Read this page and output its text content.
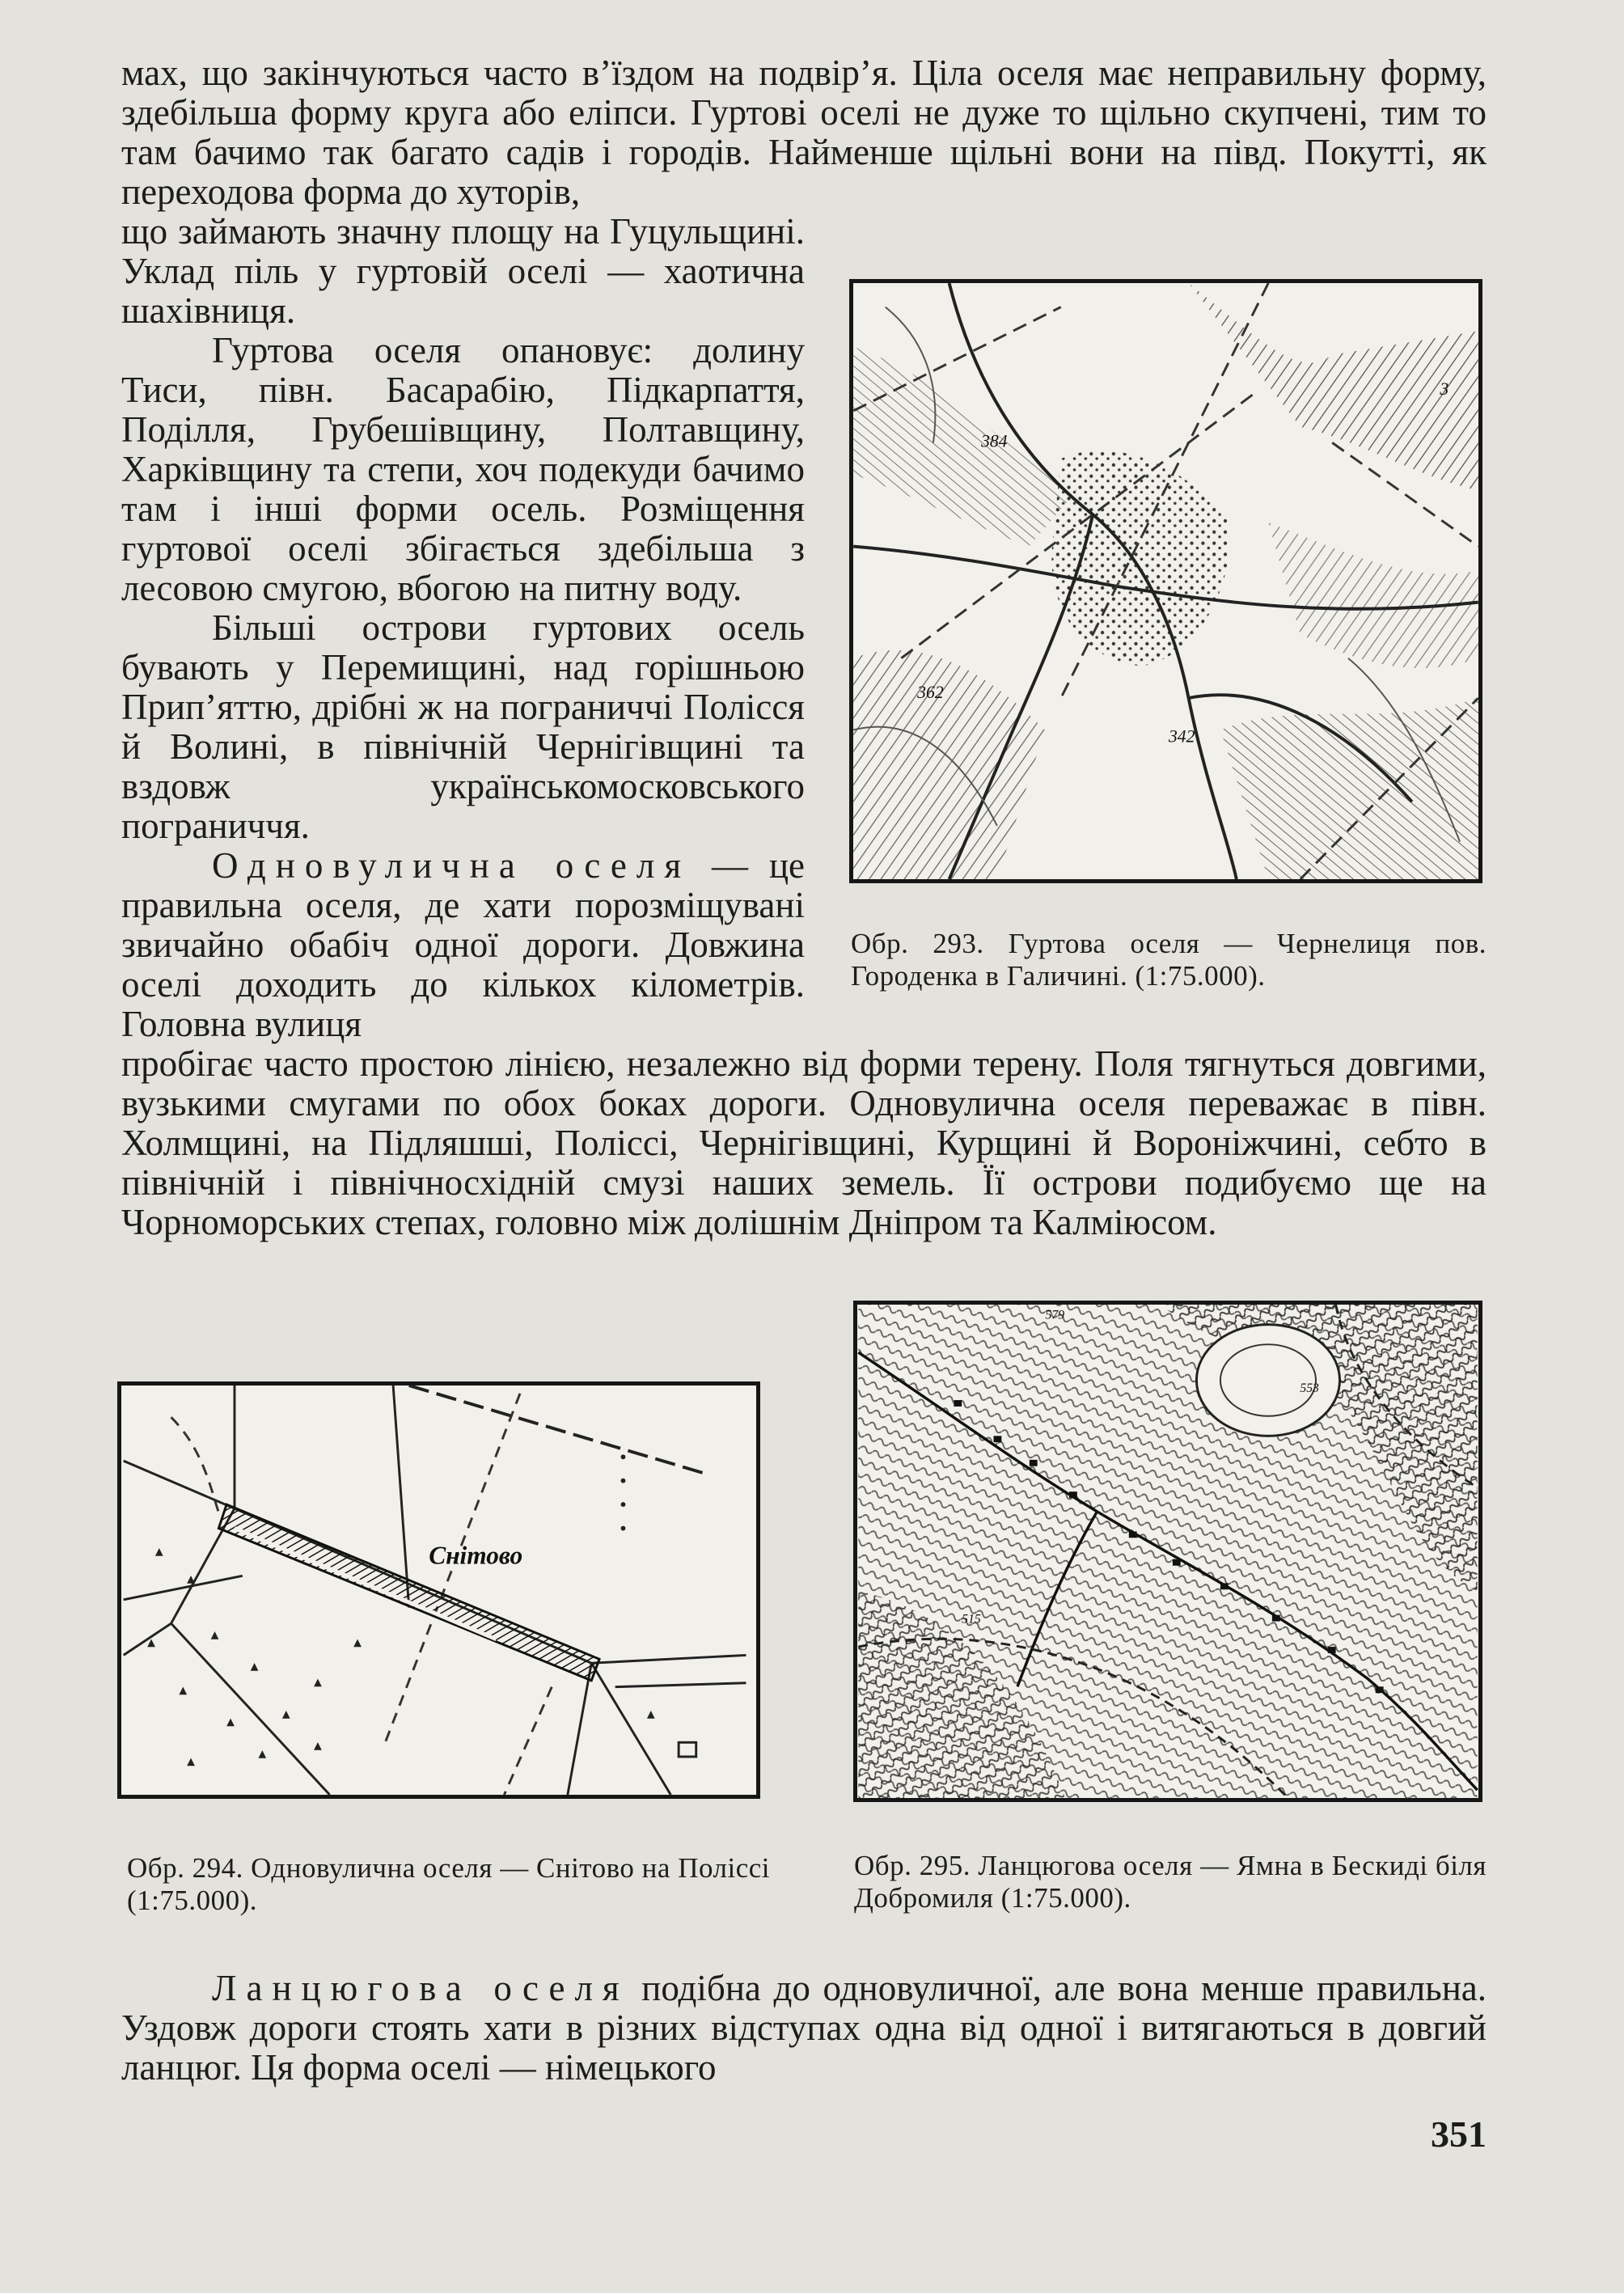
мах, що закінчуються часто в’їздом на подвір’я. Ціла оселя має неправильну форму, здебільша форму круга або еліпси. Гуртові оселі не дуже то щільно скупчені, тим то там бачимо так багато садів і городів. Найменше щільні вони на півд. Покутті, як переходова форма до хуторів,

що займають значну площу на Гуцульщині. Уклад піль у гуртовій оселі — хаотична шахівниця.

Гуртова оселя опановує: долину Тиси, півн. Басарабію, Підкарпаття, Поділля, Грубешівщину, Полтавщину, Харківщину та степи, хоч подекуди бачимо там і інші форми осель. Розміщення гуртової оселі збігається здебільша з лесовою смугою, вбогою на питну воду.

Більші острови гуртових осель бувають у Перемищині, над горішньою Прип’яттю, дрібні ж на пограниччі Полісся й Волині, в північній Чернігівщині та вздовж українськомосковського пограниччя.

Одновулична оселя — це правильна оселя, де хати порозміщувані звичайно обабіч одної дороги. Довжина оселі доходить до кількох кілометрів. Головна вулиця

384
362
342
3
Обр. 293. Гуртова оселя — Чернелиця пов. Городенка в Галичині. (1:75.000).

пробігає часто простою лінією, незалежно від форми терену. Поля тягнуться довгими, вузькими смугами по обох боках дороги. Одновулична оселя переважає в півн. Холмщині, на Підляшші, Поліссі, Чернігівщині, Курщині й Вороніжчині, себто в північній і північносхідній смузі наших земель. Її острови подибуємо ще на Чорноморських степах, головно між долішнім Дніпром та Калміюсом.

▴
▴
▴	▴
▴
▴
▴	▴
▴
▴	▴
▴
▴
▴
Снітово
Обр. 294. Одновулична оселя — Снітово на Поліссі (1:75.000).
579
553
515
Обр. 295. Ланцюгова оселя — Ямна в Бескиді біля Добромиля (1:75.000).

Ланцюгова оселя подібна до одновуличної, але вона менше правильна. Уздовж дороги стоять хати в різних відступах одна від одної і витягаються в довгий ланцюг. Ця форма оселі — німецького

351
